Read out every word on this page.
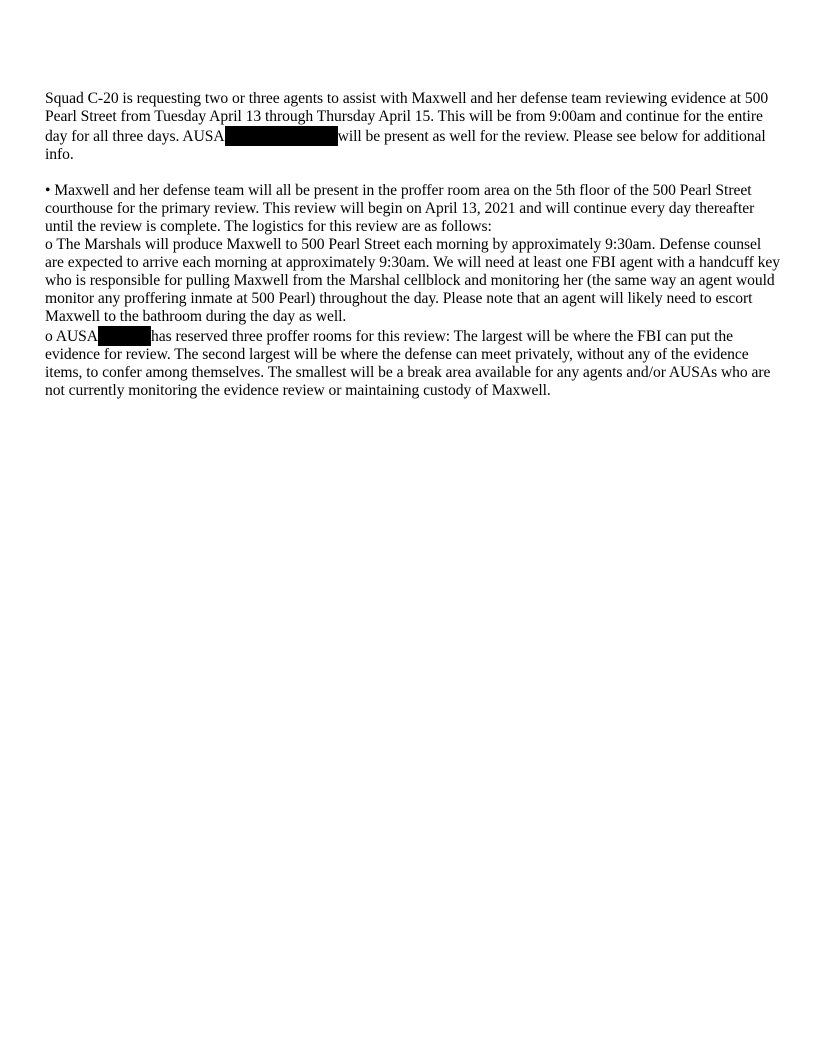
Squad C-20 is requesting two or three agents to assist with Maxwell and her defense team reviewing evidence at 500 Pearl Street from Tuesday April 13 through Thursday April 15. This will be from 9:00am and continue for the entire day for all three days. AUSA	will be present as well for the review. Please see below for additional info.

• Maxwell and her defense team will all be present in the proffer room area on the 5th floor of the 500 Pearl Street courthouse for the primary review. This review will begin on April 13, 2021 and will continue every day thereafter until the review is complete. The logistics for this review are as follows:

o The Marshals will produce Maxwell to 500 Pearl Street each morning by approximately 9:30am. Defense counsel are expected to arrive each morning at approximately 9:30am. We will need at least one FBI agent with a handcuff key who is responsible for pulling Maxwell from the Marshal cellblock and monitoring her (the same way an agent would monitor any proffering inmate at 500 Pearl) throughout the day. Please note that an agent will likely need to escort Maxwell to the bathroom during the day as well.

o AUSA	has reserved three proffer rooms for this review: The largest will be where the FBI can put the evidence for review. The second largest will be where the defense can meet privately, without any of the evidence items, to confer among themselves. The smallest will be a break area available for any agents and/or AUSAs who are not currently monitoring the evidence review or maintaining custody of Maxwell.
